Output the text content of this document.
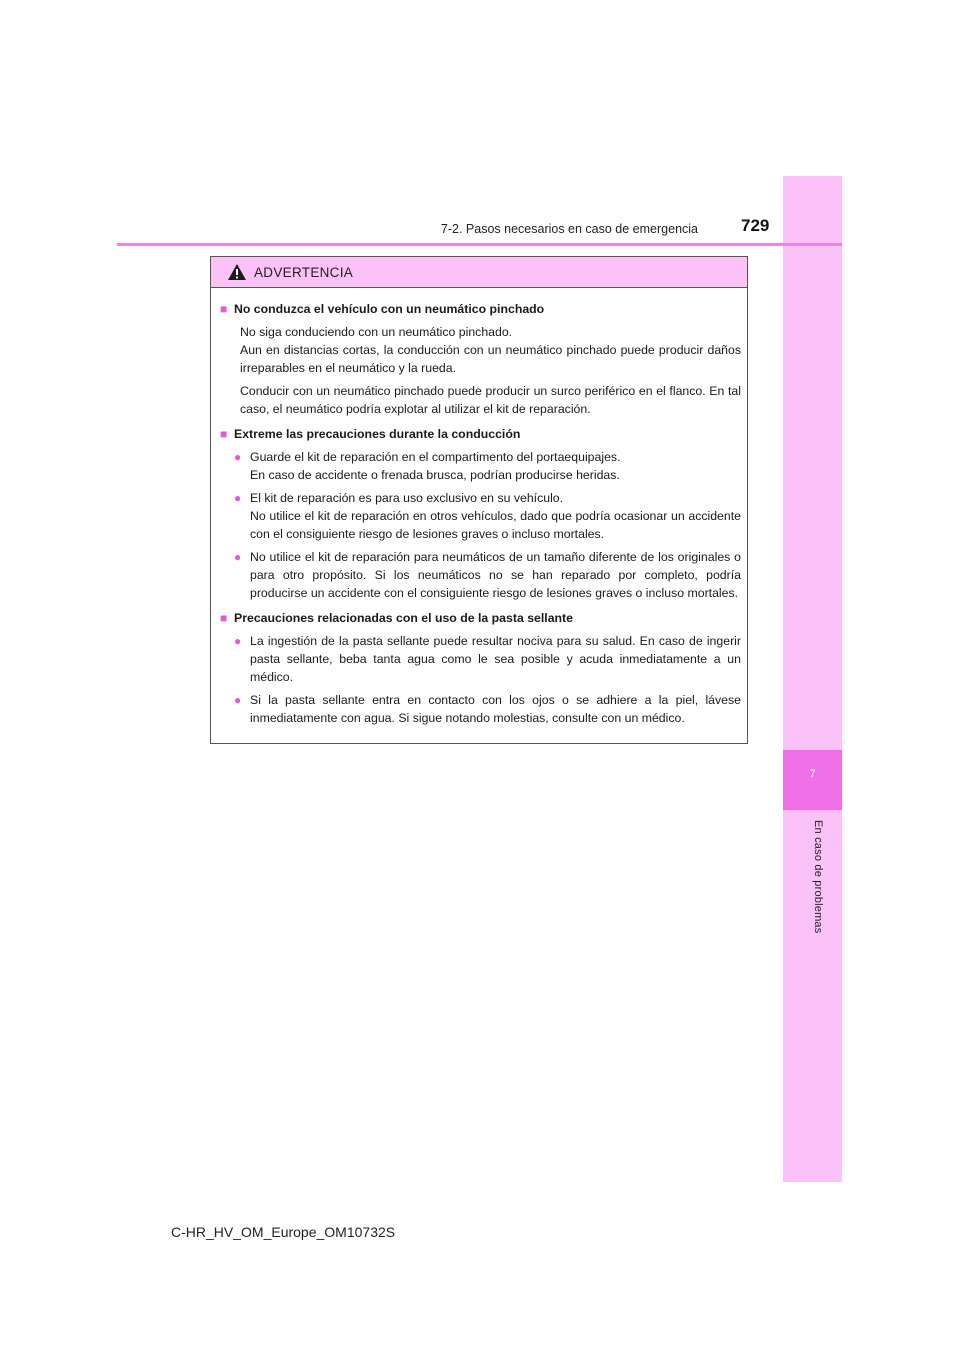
7
En caso de problemas
7-2. Pasos necesarios en caso de emergencia	729
ADVERTENCIA
■ No conduzca el vehículo con un neumático pinchado
No siga conduciendo con un neumático pinchado.
Aun en distancias cortas, la conducción con un neumático pinchado puede producir daños irreparables en el neumático y la rueda.
Conducir con un neumático pinchado puede producir un surco periférico en el flanco. En tal caso, el neumático podría explotar al utilizar el kit de reparación.
■ Extreme las precauciones durante la conducción
● Guarde el kit de reparación en el compartimento del portaequipajes.
En caso de accidente o frenada brusca, podrían producirse heridas.
● El kit de reparación es para uso exclusivo en su vehículo.
No utilice el kit de reparación en otros vehículos, dado que podría ocasionar un accidente con el consiguiente riesgo de lesiones graves o incluso mortales.
● No utilice el kit de reparación para neumáticos de un tamaño diferente de los originales o para otro propósito. Si los neumáticos no se han reparado por completo, podría producirse un accidente con el consiguiente riesgo de lesiones graves o incluso mortales.
■ Precauciones relacionadas con el uso de la pasta sellante
● La ingestión de la pasta sellante puede resultar nociva para su salud. En caso de ingerir pasta sellante, beba tanta agua como le sea posible y acuda inmediatamente a un médico.
● Si la pasta sellante entra en contacto con los ojos o se adhiere a la piel, lávese inmediatamente con agua. Si sigue notando molestias, consulte con un médico.
C-HR_HV_OM_Europe_OM10732S
